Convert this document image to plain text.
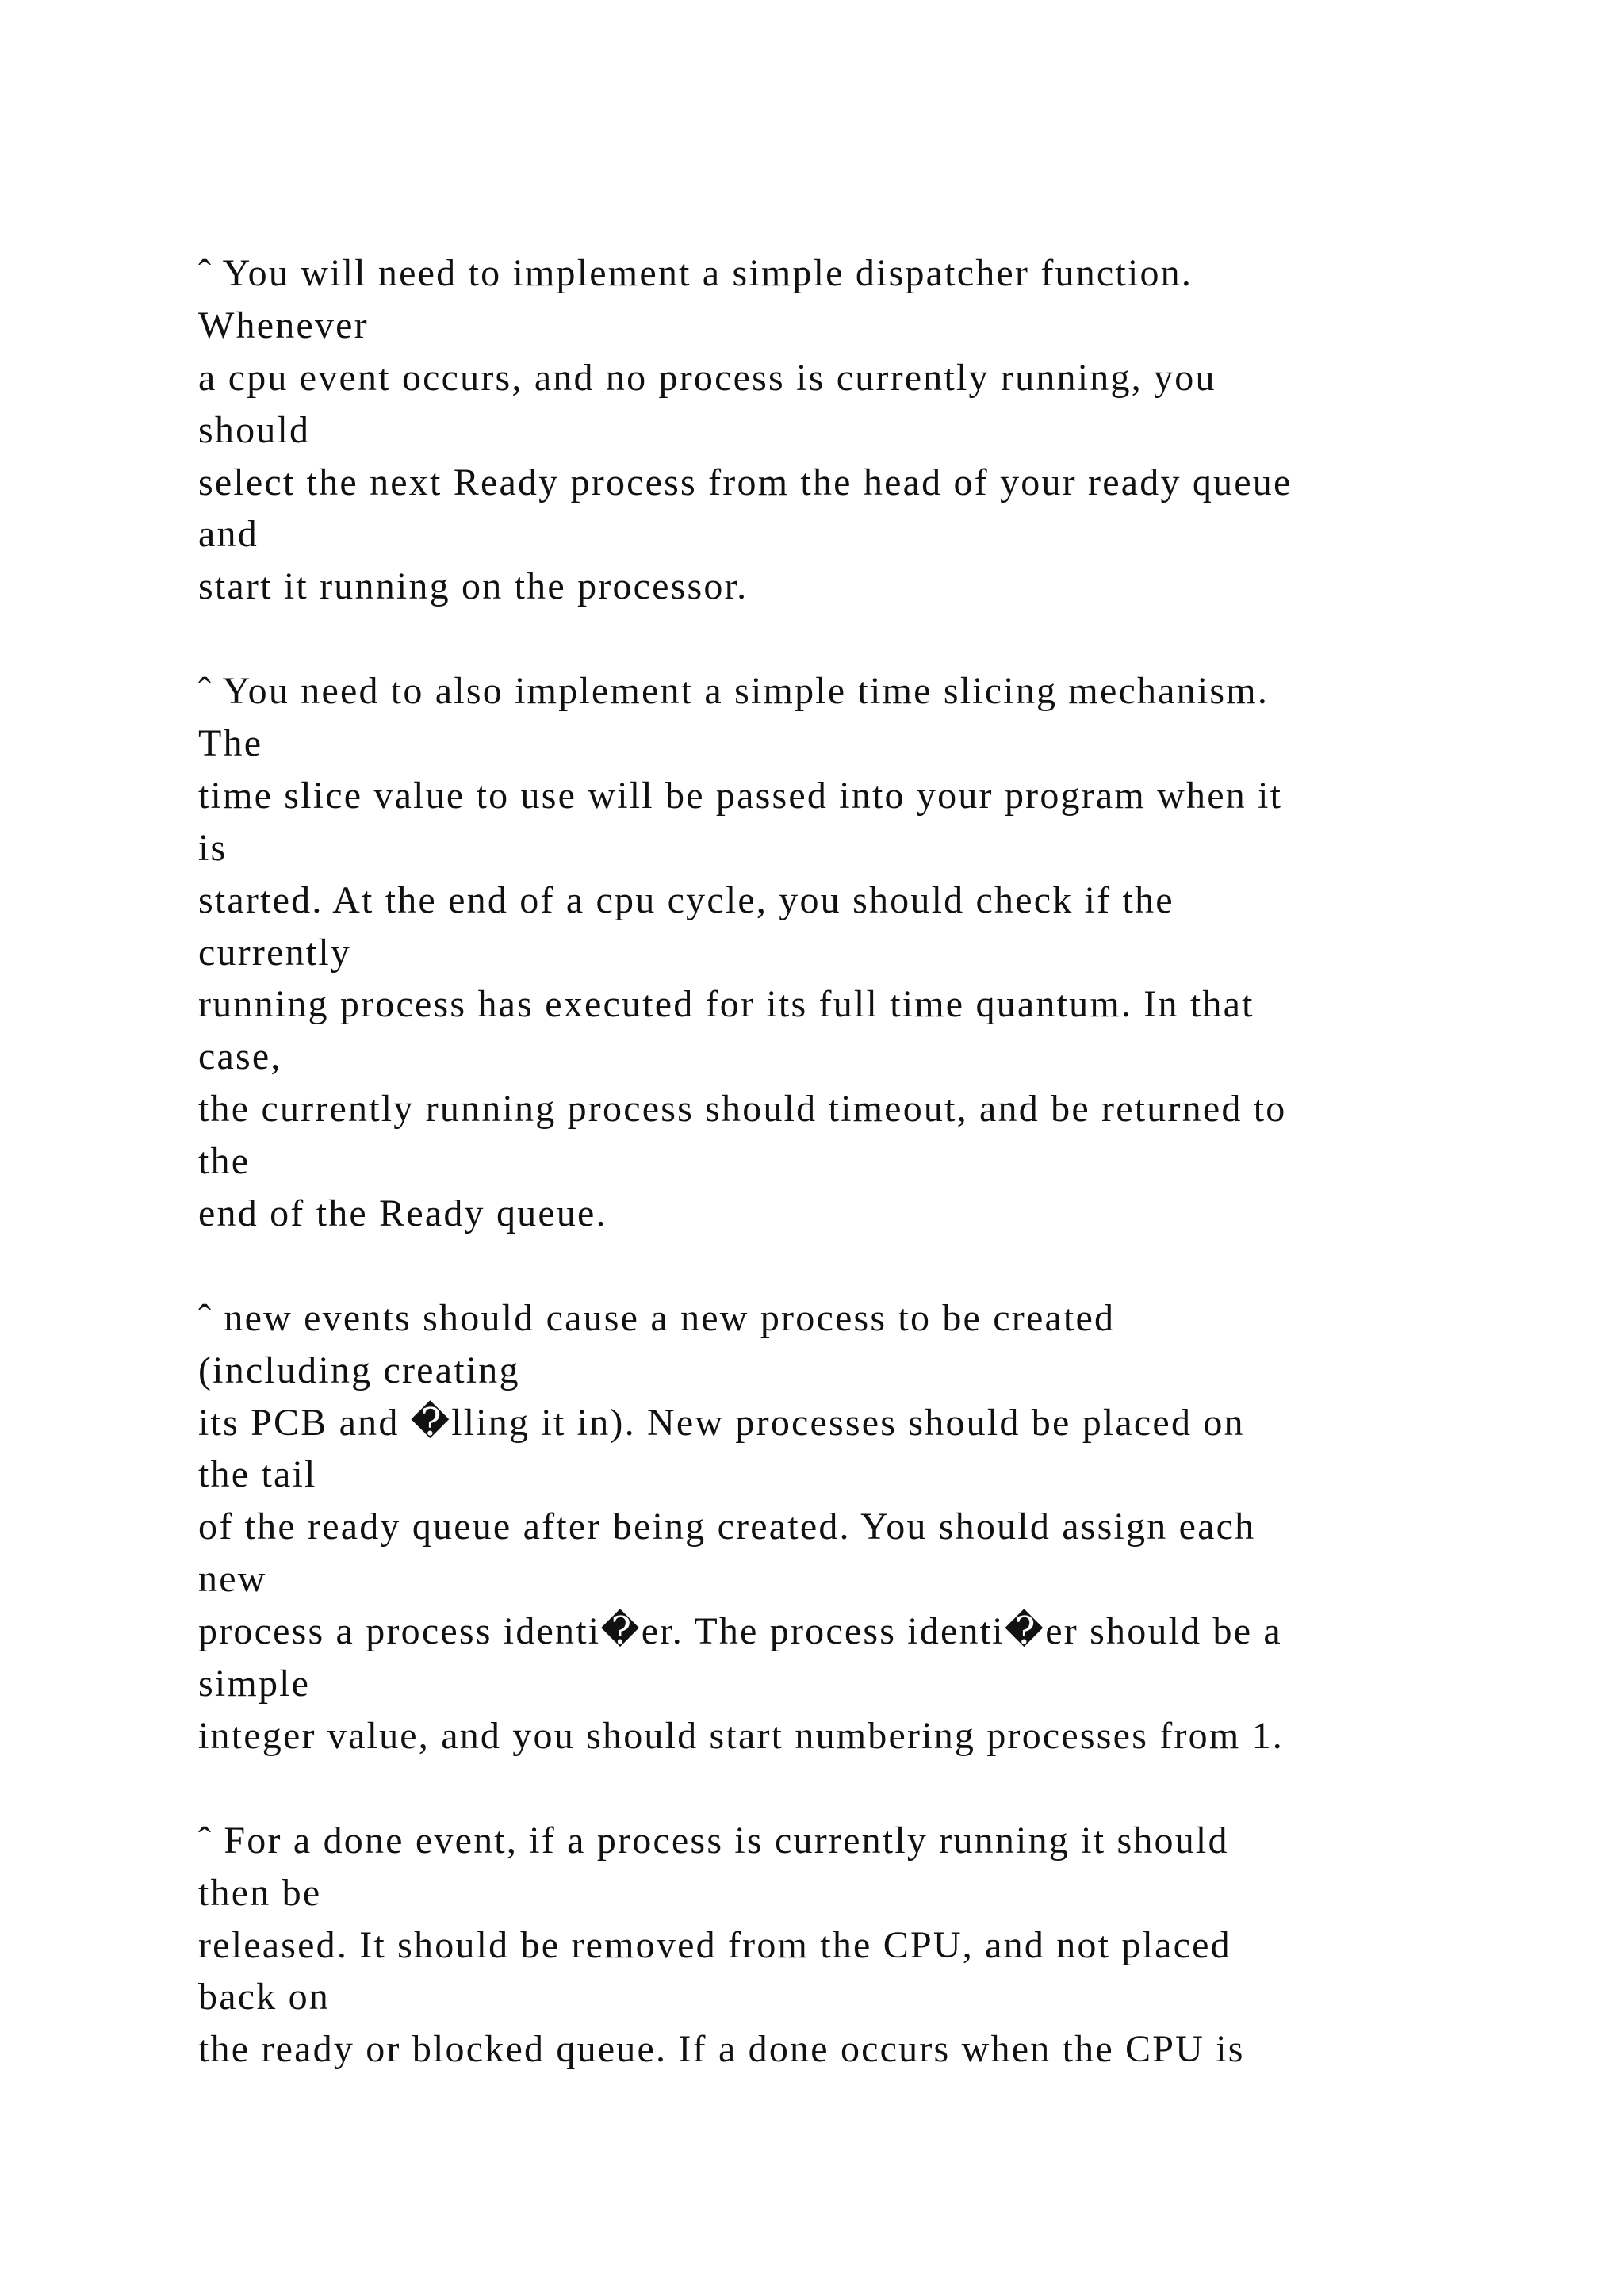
ˆ You will need to implement a simple dispatcher function.
Whenever
a cpu event occurs, and no process is currently running, you
should
select the next Ready process from the head of your ready queue
and
start it running on the processor.
ˆ You need to also implement a simple time slicing mechanism.
The
time slice value to use will be passed into your program when it
is
started. At the end of a cpu cycle, you should check if the
currently
running process has executed for its full time quantum. In that
case,
the currently running process should timeout, and be returned to
the
end of the Ready queue.
ˆ new events should cause a new process to be created
(including creating
its PCB and �lling it in). New processes should be placed on
the tail
of the ready queue after being created. You should assign each
new
process a process identi�er. The process identi�er should be a
simple
integer value, and you should start numbering processes from 1.
ˆ For a done event, if a process is currently running it should
then be
released. It should be removed from the CPU, and not placed
back on
the ready or blocked queue. If a done occurs when the CPU is
